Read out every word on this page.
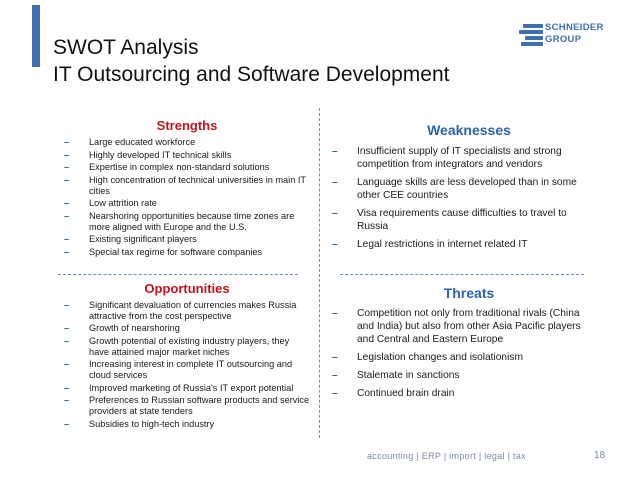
SWOT Analysis
IT Outsourcing and Software Development
SCHNEIDER
GROUP
Strengths
– Large educated workforce
– Highly developed IT technical skills
– Expertise in complex non-standard solutions
– High concentration of technical universities in main IT cities
– Low attrition rate
– Nearshoring opportunities because time zones are more aligned with Europe and the U.S.
– Existing significant players
– Special tax regime for software companies
Weaknesses
– Insufficient supply of IT specialists and strong competition from integrators and vendors
– Language skills are less developed than in some other CEE countries
– Visa requirements cause difficulties to travel to Russia
– Legal restrictions in internet related IT
Opportunities
– Significant devaluation of currencies makes Russia attractive from the cost perspective
– Growth of nearshoring
– Growth potential of existing industry players, they have attained major market niches
– Increasing interest in complete IT outsourcing and cloud services
– Improved marketing of Russia's IT export potential
– Preferences to Russian software products and service providers at state tenders
– Subsidies to high-tech industry
Threats
– Competition not only from traditional rivals (China and India) but also from other Asia Pacific players and Central and Eastern Europe
– Legislation changes and isolationism
– Stalemate in sanctions
– Continued brain drain
accounting | ERP | import | legal | tax	18
